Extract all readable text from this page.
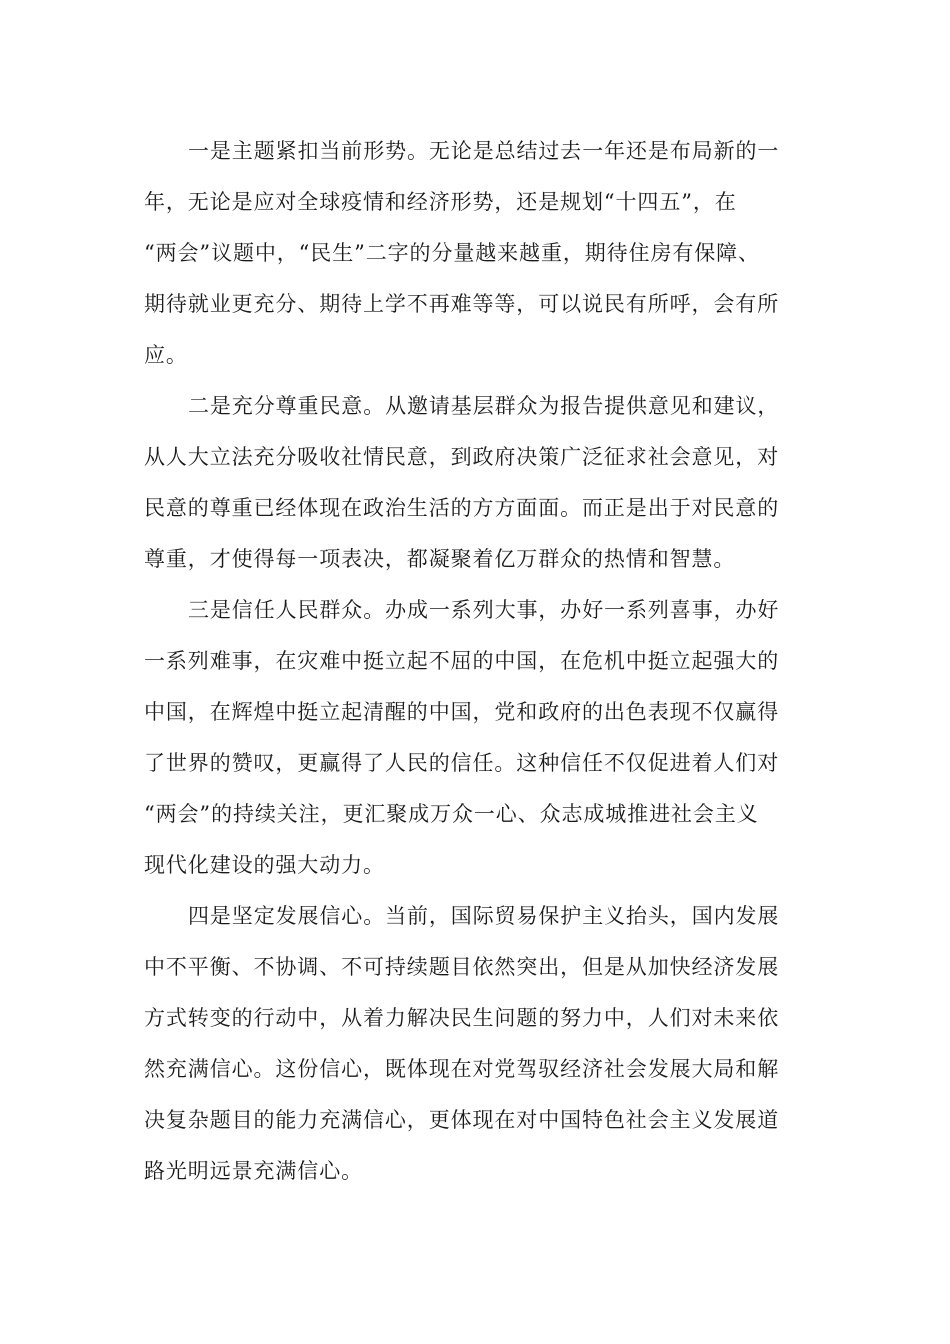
一是主题紧扣当前形势。无论是总结过去一年还是布局新的一
年，无论是应对全球疫情和经济形势，还是规划“十四五”，在
“两会”议题中，“民生”二字的分量越来越重，期待住房有保障、
期待就业更充分、期待上学不再难等等，可以说民有所呼，会有所
应。

二是充分尊重民意。从邀请基层群众为报告提供意见和建议，
从人大立法充分吸收社情民意，到政府决策广泛征求社会意见，对
民意的尊重已经体现在政治生活的方方面面。而正是出于对民意的
尊重，才使得每一项表决，都凝聚着亿万群众的热情和智慧。

三是信任人民群众。办成一系列大事，办好一系列喜事，办好
一系列难事，在灾难中挺立起不屈的中国，在危机中挺立起强大的
中国，在辉煌中挺立起清醒的中国，党和政府的出色表现不仅赢得
了世界的赞叹，更赢得了人民的信任。这种信任不仅促进着人们对
“两会”的持续关注，更汇聚成万众一心、众志成城推进社会主义
现代化建设的强大动力。

四是坚定发展信心。当前，国际贸易保护主义抬头，国内发展
中不平衡、不协调、不可持续题目依然突出，但是从加快经济发展
方式转变的行动中，从着力解决民生问题的努力中，人们对未来依
然充满信心。这份信心，既体现在对党驾驭经济社会发展大局和解
决复杂题目的能力充满信心，更体现在对中国特色社会主义发展道
路光明远景充满信心。
